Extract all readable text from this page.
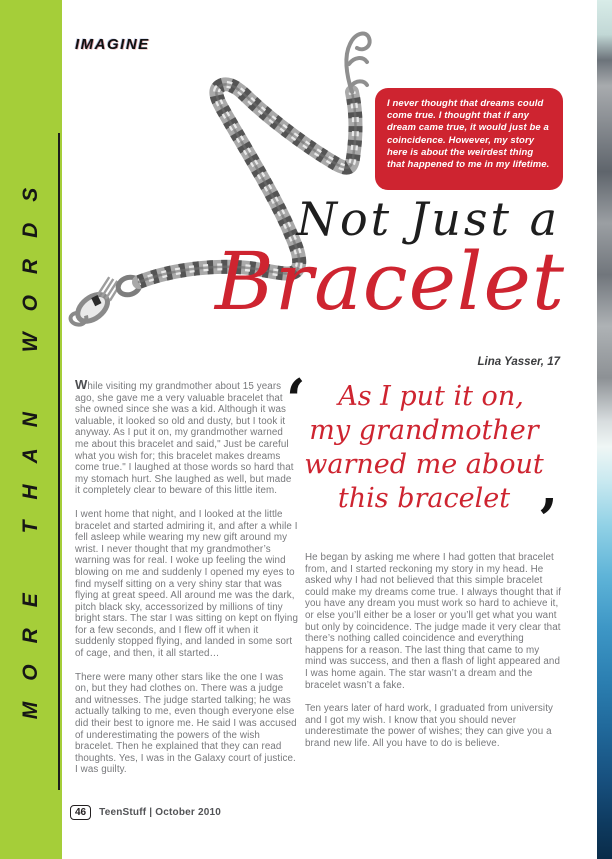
MORE THAN WORDS
IMAGINE

I never thought that dreams could come true. I thought that if any dream came true, it would just be a coincidence. However, my story here is about the weirdest thing that happened to me in my lifetime.

Not Just a
Bracelet
Lina Yasser, 17
‘	As I put it on,
my grandmother
warned me about
this bracelet ’

While visiting my grandmother about 15 years ago, she gave me a very valuable bracelet that she owned since she was a kid. Although it was valuable, it looked so old and dusty, but I took it anyway. As I put it on, my grandmother warned me about this bracelet and said," Just be careful what you wish for; this bracelet makes dreams come true." I laughed at those words so hard that my stomach hurt. She laughed as well, but made it completely clear to beware of this little item.

I went home that night, and I looked at the little bracelet and started admiring it, and after a while I fell asleep while wearing my new gift around my wrist. I never thought that my grandmother’s warning was for real. I woke up feeling the wind blowing on me and suddenly I opened my eyes to find myself sitting on a very shiny star that was flying at great speed. All around me was the dark, pitch black sky, accessorized by millions of tiny bright stars. The star I was sitting on kept on flying for a few seconds, and I flew off it when it suddenly stopped flying, and landed in some sort of cage, and then, it all started…

There were many other stars like the one I was on, but they had clothes on. There was a judge and witnesses. The judge started talking; he was actually talking to me, even though everyone else did their best to ignore me. He said I was accused of underestimating the powers of the wish bracelet. Then he explained that they can read thoughts. Yes, I was in the Galaxy court of justice. I was guilty.

He began by asking me where I had gotten that bracelet from, and I started reckoning my story in my head. He asked why I had not believed that this simple bracelet could make my dreams come true. I always thought that if you have any dream you must work so hard to achieve it, or else you’ll either be a loser or you’ll get what you want but only by coincidence. The judge made it very clear that there’s nothing called coincidence and everything happens for a reason. The last thing that came to my mind was success, and then a flash of light appeared and I was home again. The star wasn’t a dream and the bracelet wasn’t a fake.

Ten years later of hard work, I graduated from university and I got my wish. I know that you should never underestimate the power of wishes; they can give you a brand new life. All you have to do is believe.

46	TeenStuff | October 2010
